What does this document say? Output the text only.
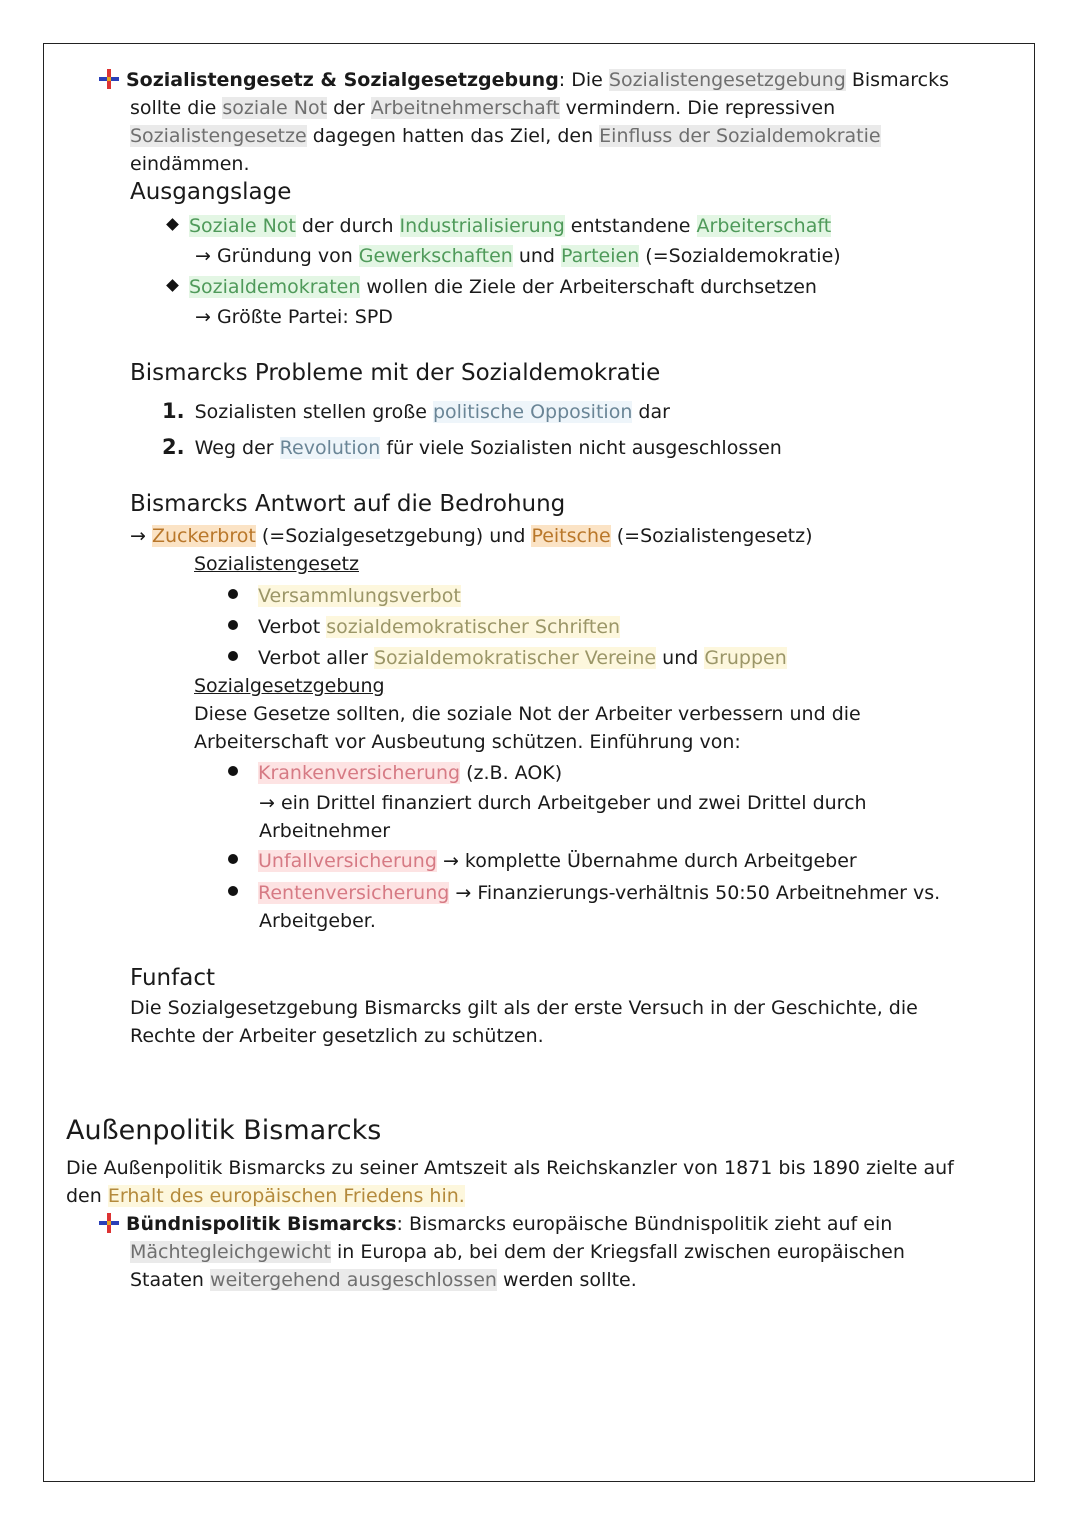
Sozialistengesetz & Sozialgesetzgebung: Die Sozialistengesetzgebung Bismarcks
sollte die soziale Not der Arbeitnehmerschaft vermindern. Die repressiven
Sozialistengesetze dagegen hatten das Ziel, den Einfluss der Sozialdemokratie
eindämmen.
Ausgangslage
Soziale Not der durch Industrialisierung entstandene Arbeiterschaft
→ Gründung von Gewerkschaften und Parteien (=Sozialdemokratie)
Sozialdemokraten wollen die Ziele der Arbeiterschaft durchsetzen
→ Größte Partei: SPD
Bismarcks Probleme mit der Sozialdemokratie
1. Sozialisten stellen große politische Opposition dar
2. Weg der Revolution für viele Sozialisten nicht ausgeschlossen
Bismarcks Antwort auf die Bedrohung
→ Zuckerbrot (=Sozialgesetzgebung) und Peitsche (=Sozialistengesetz)
Sozialistengesetz
Versammlungsverbot
Verbot sozialdemokratischer Schriften
Verbot aller Sozialdemokratischer Vereine und Gruppen
Sozialgesetzgebung
Diese Gesetze sollten, die soziale Not der Arbeiter verbessern und die
Arbeiterschaft vor Ausbeutung schützen. Einführung von:
Krankenversicherung (z.B. AOK)
→ ein Drittel finanziert durch Arbeitgeber und zwei Drittel durch
Arbeitnehmer
Unfallversicherung → komplette Übernahme durch Arbeitgeber
Rentenversicherung → Finanzierungs-verhältnis 50:50 Arbeitnehmer vs.
Arbeitgeber.
Funfact
Die Sozialgesetzgebung Bismarcks gilt als der erste Versuch in der Geschichte, die
Rechte der Arbeiter gesetzlich zu schützen.
Außenpolitik Bismarcks
Die Außenpolitik Bismarcks zu seiner Amtszeit als Reichskanzler von 1871 bis 1890 zielte auf
den Erhalt des europäischen Friedens hin.
Bündnispolitik Bismarcks: Bismarcks europäische Bündnispolitik zieht auf ein
Mächtegleichgewicht in Europa ab, bei dem der Kriegsfall zwischen europäischen
Staaten weitergehend ausgeschlossen werden sollte.
